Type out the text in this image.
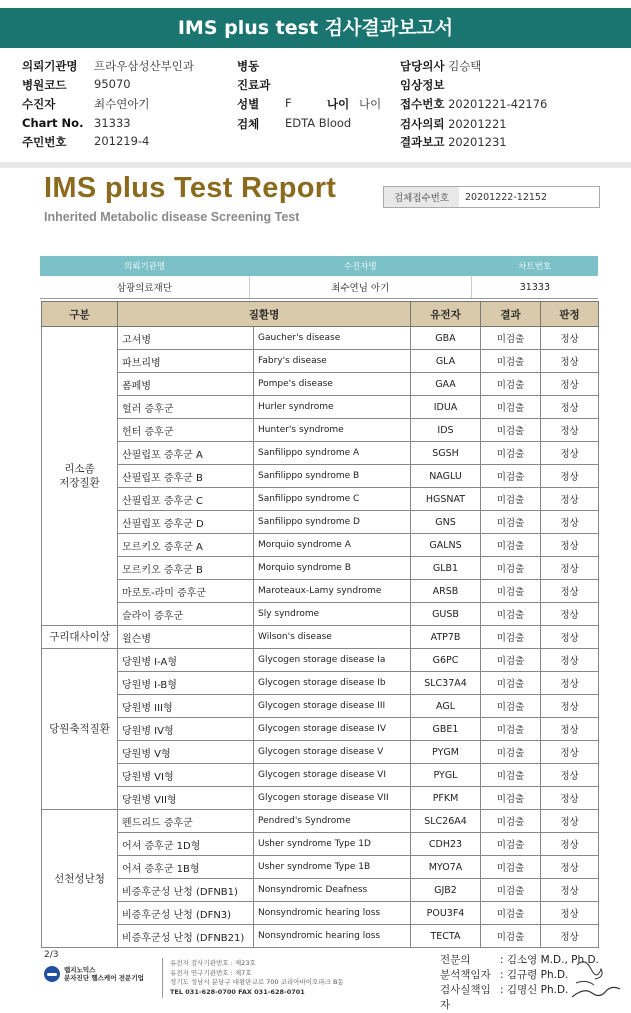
IMS plus test 검사결과보고서
의뢰기관명 프라우삼성산부인과
병원코드 95070
수진자	최수연아기
Chart No. 31333
주민번호 201219-4
병동
진료과
성별 F	나이 나이
검체 EDTA Blood
담당의사 김승택
임상정보
접수번호 20201221-42176
검사의뢰 20201221
결과보고 20201231
IMS plus Test Report
Inherited Metabolic disease Screening Test
검체접수번호	20201222-12152
의뢰기관명	수진자명	차트번호
삼광의료재단	최수연님 아기	31333
구분	질환명		유전자	결과	판정
리소좀
저장질환	고셔병	Gaucher's disease	GBA	미검출	정상
	파브리병	Fabry's disease	GLA	미검출	정상
	폼페병	Pompe's disease	GAA	미검출	정상
	헐러 증후군	Hurler syndrome	IDUA	미검출	정상
	헌터 증후군	Hunter's syndrome	IDS	미검출	정상
	산필립포 증후군 A	Sanfilippo syndrome A	SGSH	미검출	정상
	산필립포 증후군 B	Sanfilippo syndrome B	NAGLU	미검출	정상
	산필립포 증후군 C	Sanfilippo syndrome C	HGSNAT	미검출	정상
	산필립포 증후군 D	Sanfilippo syndrome D	GNS	미검출	정상
	모르키오 증후군 A	Morquio syndrome A	GALNS	미검출	정상
	모르키오 증후군 B	Morquio syndrome B	GLB1	미검출	정상
	마로토-라미 증후군	Maroteaux-Lamy syndrome	ARSB	미검출	정상
	슬라이 증후군	Sly syndrome	GUSB	미검출	정상
구리대사이상	윌슨병	Wilson's disease	ATP7B	미검출	정상
당원축적질환	당원병 I-A형	Glycogen storage disease Ia	G6PC	미검출	정상
	당원병 I-B형	Glycogen storage disease Ib	SLC37A4	미검출	정상
	당원병 III형	Glycogen storage disease III	AGL	미검출	정상
	당원병 IV형	Glycogen storage disease IV	GBE1	미검출	정상
	당원병 V형	Glycogen storage disease V	PYGM	미검출	정상
	당원병 VI형	Glycogen storage disease VI	PYGL	미검출	정상
	당원병 VII형	Glycogen storage disease VII	PFKM	미검출	정상
선천성난청	펜드리드 증후군	Pendred's Syndrome	SLC26A4	미검출	정상
	어셔 증후군 1D형	Usher syndrome Type 1D	CDH23	미검출	정상
	어셔 증후군 1B형	Usher syndrome Type 1B	MYO7A	미검출	정상
	비증후군성 난청 (DFNB1)	Nonsyndromic Deafness	GJB2	미검출	정상
	비증후군성 난청 (DFN3)	Nonsyndromic hearing loss	POU3F4	미검출	정상
	비증후군성 난청 (DFNB21)	Nonsyndromic hearing loss	TECTA	미검출	정상
2/3
랩지노믹스
분자진단 헬스케어 전문기업
유전자 검사기관번호 : 제23호
유전자 연구기관번호 : 제7호
경기도 성남시 분당구 대왕판교로 700 코리아바이오파크 B동
TEL 031-628-0700 FAX 031-628-0701
전문의	: 김소영 M.D., Ph.D.
분석책임자 : 김규령 Ph.D.
검사실책임자
: 김명신 Ph.D.
